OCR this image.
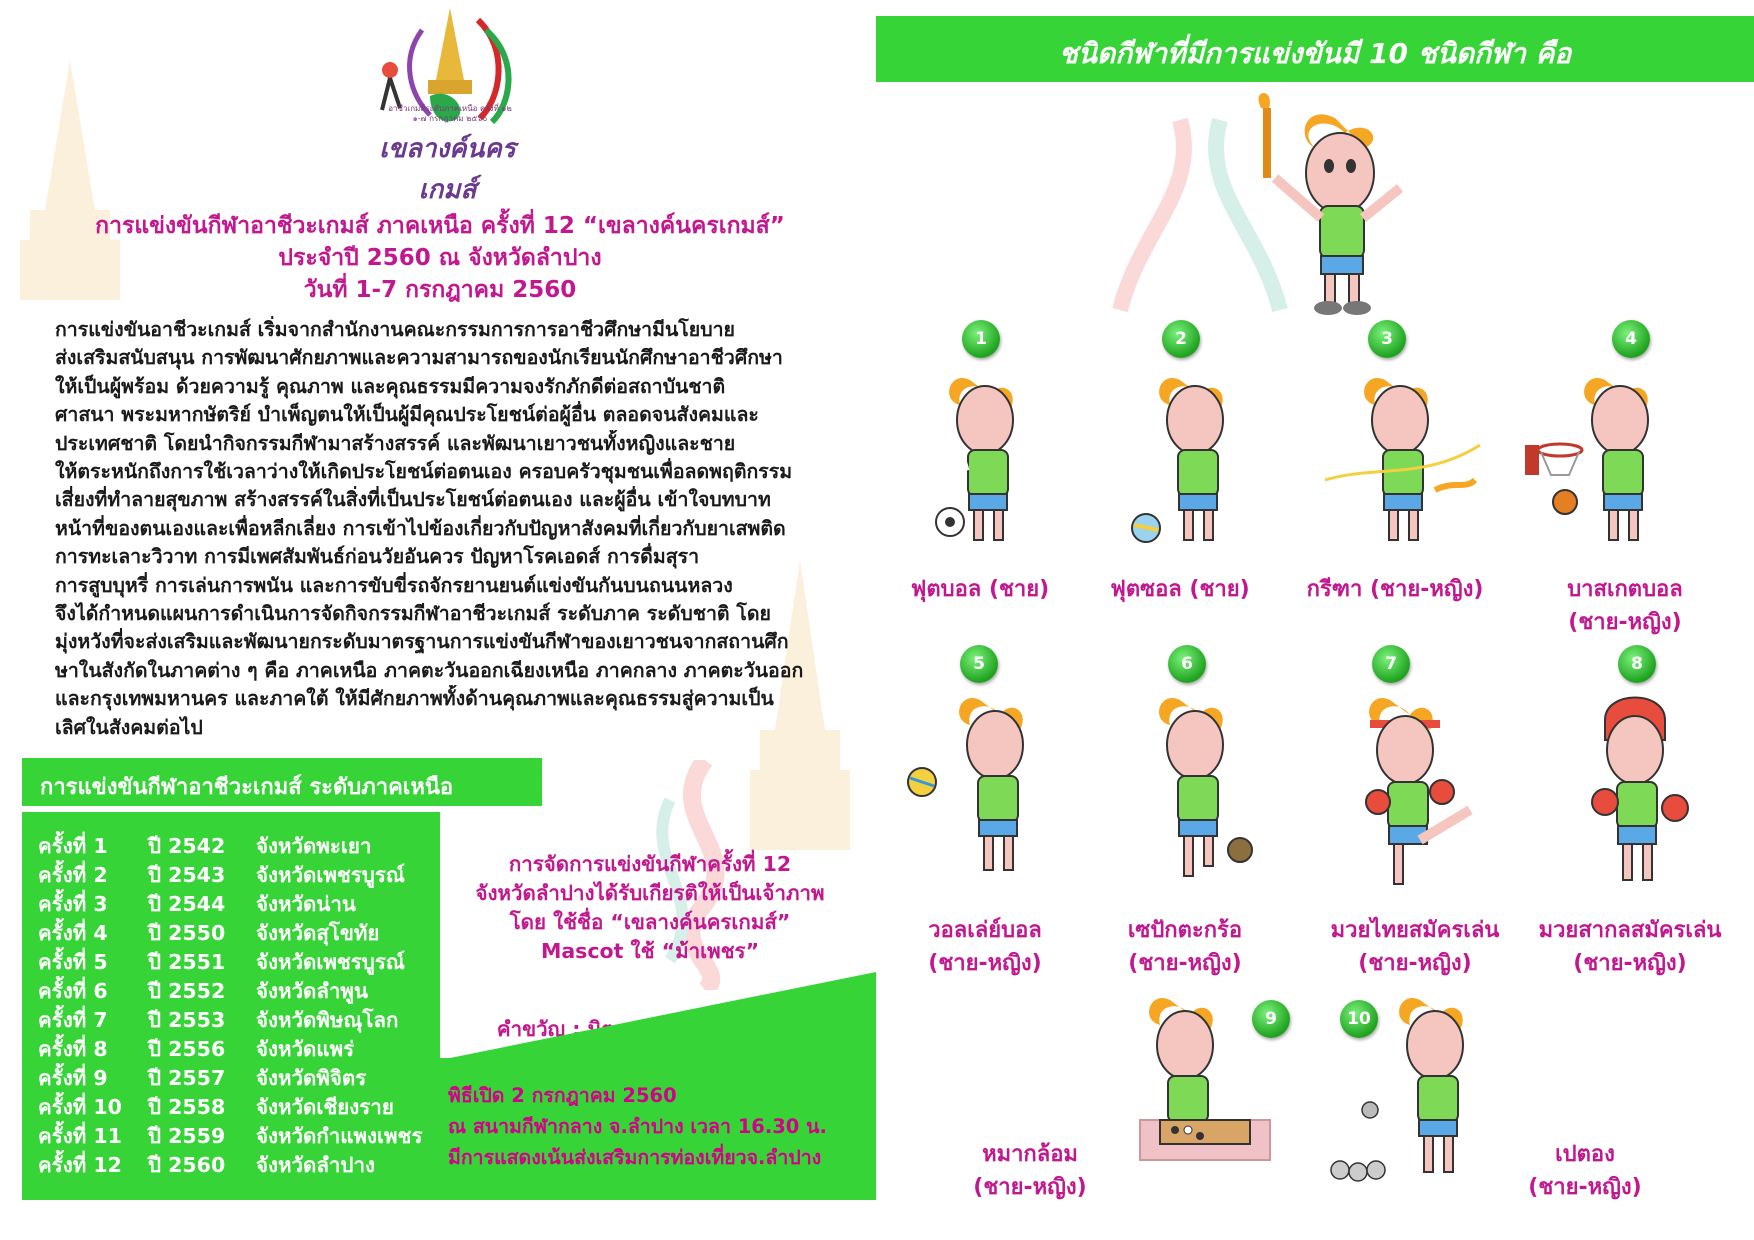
อาชีวเกมส์ระดับภาคเหนือ ครั้งที่ ๑๒
๑-๗ กรกฎาคม ๒๕๖๐
เขลางค์นครเกมส์
การแข่งขันกีฬาอาชีวะเกมส์ ภาคเหนือ ครั้งที่ 12 “เขลางค์นครเกมส์”
ประจำปี 2560 ณ จังหวัดลำปาง
วันที่ 1-7 กรกฎาคม 2560
การแข่งขันอาชีวะเกมส์ เริ่มจากสำนักงานคณะกรรมการการอาชีวศึกษามีนโยบาย
ส่งเสริมสนับสนุน การพัฒนาศักยภาพและความสามารถของนักเรียนนักศึกษาอาชีวศึกษา
ให้เป็นผู้พร้อม ด้วยความรู้ คุณภาพ และคุณธรรมมีความจงรักภักดีต่อสถาบันชาติ
ศาสนา พระมหากษัตริย์ บำเพ็ญตนให้เป็นผู้มีคุณประโยชน์ต่อผู้อื่น ตลอดจนสังคมและ
ประเทศชาติ โดยนำกิจกรรมกีฬามาสร้างสรรค์ และพัฒนาเยาวชนทั้งหญิงและชาย
ให้ตระหนักถึงการใช้เวลาว่างให้เกิดประโยชน์ต่อตนเอง ครอบครัวชุมชนเพื่อลดพฤติกรรม
เสี่ยงที่ทำลายสุขภาพ สร้างสรรค์ในสิ่งที่เป็นประโยชน์ต่อตนเอง และผู้อื่น เข้าใจบทบาท
หน้าที่ของตนเองและเพื่อหลีกเลี่ยง การเข้าไปข้องเกี่ยวกับปัญหาสังคมที่เกี่ยวกับยาเสพติด
การทะเลาะวิวาท การมีเพศสัมพันธ์ก่อนวัยอันควร ปัญหาโรคเอดส์ การดื่มสุรา
การสูบบุหรี่ การเล่นการพนัน และการขับขี่รถจักรยานยนต์แข่งขันกันบนถนนหลวง
จึงได้กำหนดแผนการดำเนินการจัดกิจกรรมกีฬาอาชีวะเกมส์ ระดับภาค ระดับชาติ โดย
มุ่งหวังที่จะส่งเสริมและพัฒนายกระดับมาตรฐานการแข่งขันกีฬาของเยาวชนจากสถานศึก
ษาในสังกัดในภาคต่าง ๆ คือ ภาคเหนือ ภาคตะวันออกเฉียงเหนือ ภาคกลาง ภาคตะวันออก
และกรุงเทพมหานคร และภาคใต้ ให้มีศักยภาพทั้งด้านคุณภาพและคุณธรรมสู่ความเป็น
เลิศในสังคมต่อไป
การแข่งขันกีฬาอาชีวะเกมส์ ระดับภาคเหนือ
ครั้งที่ 1	ปี 2542	จังหวัดพะเยา
ครั้งที่ 2	ปี 2543	จังหวัดเพชรบูรณ์
ครั้งที่ 3	ปี 2544	จังหวัดน่าน
ครั้งที่ 4	ปี 2550	จังหวัดสุโขทัย
ครั้งที่ 5	ปี 2551	จังหวัดเพชรบูรณ์
ครั้งที่ 6	ปี 2552	จังหวัดลำพูน
ครั้งที่ 7	ปี 2553	จังหวัดพิษณุโลก
ครั้งที่ 8	ปี 2556	จังหวัดแพร่
ครั้งที่ 9	ปี 2557	จังหวัดพิจิตร
ครั้งที่ 10	ปี 2558	จังหวัดเชียงราย
ครั้งที่ 11	ปี 2559	จังหวัดกำแพงเพชร
ครั้งที่ 12	ปี 2560	จังหวัดลำปาง
การจัดการแข่งขันกีฬาครั้งที่ 12
จังหวัดลำปางได้รับเกียรติให้เป็นเจ้าภาพ
โดย ใช้ชื่อ “เขลางค์นครเกมส์”
Mascot ใช้ “ม้าเพชร”
คำขวัญ : มิตรภาพ น้ำใจ สู่ชัยชนะ
พิธีเปิด 2 กรกฎาคม 2560
ณ สนามกีฬากลาง จ.ลำปาง เวลา 16.30 น.
มีการแสดงเน้นส่งเสริมการท่องเที่ยวจ.ลำปาง
ชนิดกีฬาที่มีการแข่งขันมี 10 ชนิดกีฬา คือ
1	2	3	4
ฟุตบอล (ชาย)	ฟุตซอล (ชาย)	กรีฑา (ชาย-หญิง)	บาสเกตบอล
(ชาย-หญิง)
5	6	7	8
วอลเล่ย์บอล
(ชาย-หญิง)
เซปักตะกร้อ
(ชาย-หญิง)
มวยไทยสมัครเล่น
(ชาย-หญิง)
มวยสากลสมัครเล่น
(ชาย-หญิง)
9	10
หมากล้อม
(ชาย-หญิง)
เปตอง
(ชาย-หญิง)
